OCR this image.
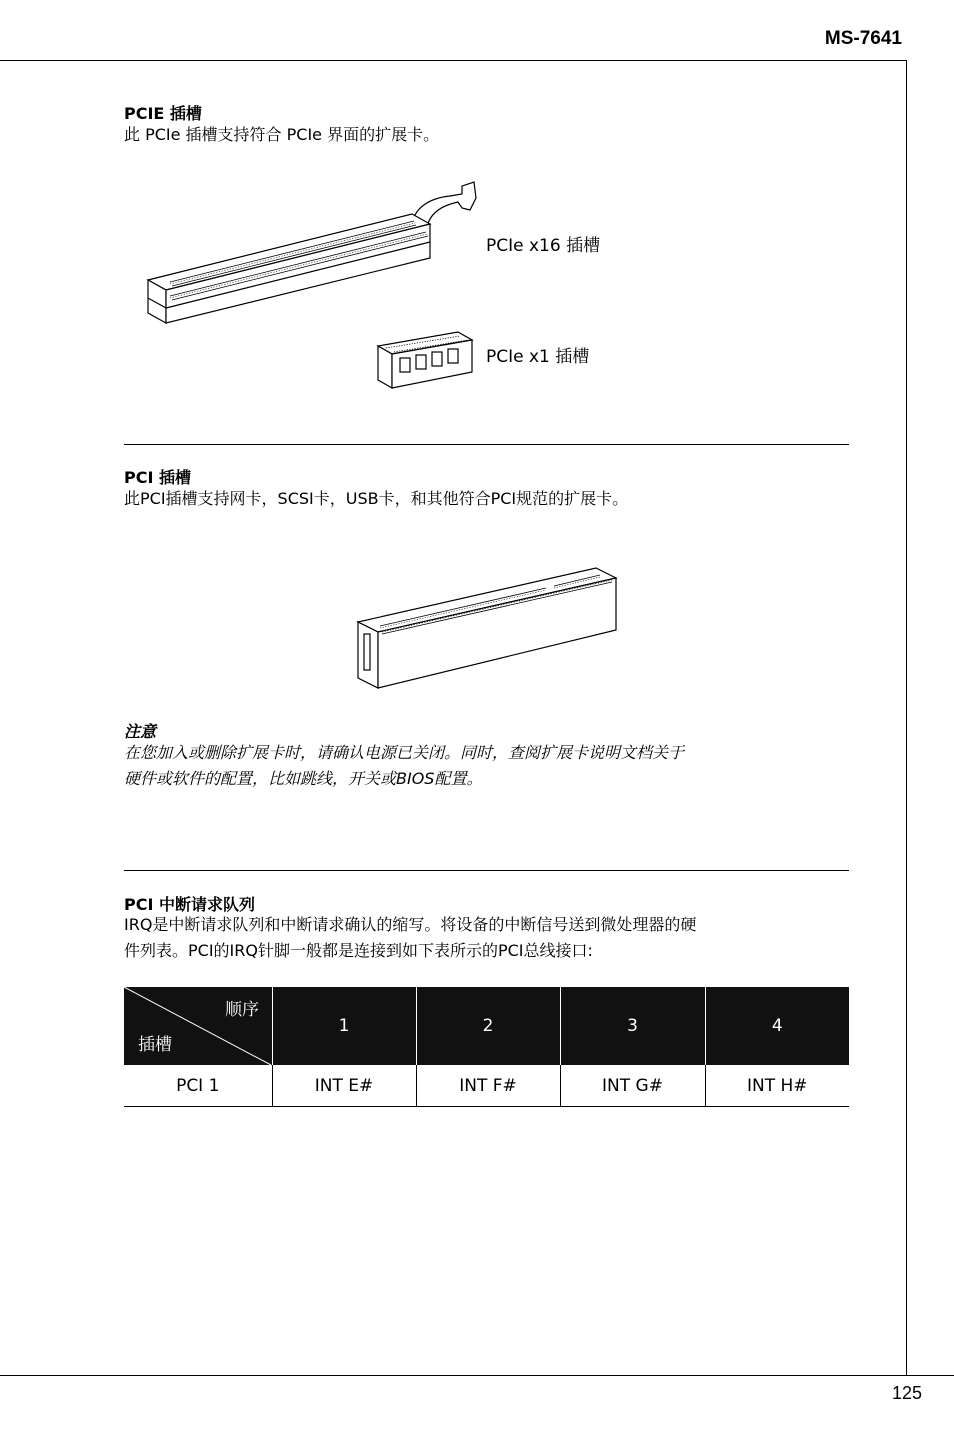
MS-7641
PCIE 插槽
此 PCIe 插槽支持符合 PCIe 界面的扩展卡。
PCIe x16 插槽
PCIe x1 插槽
PCI 插槽
此PCI插槽支持网卡，SCSI卡，USB卡，和其他符合PCI规范的扩展卡。
注意
在您加入或删除扩展卡时，请确认电源已关闭。同时，查阅扩展卡说明文档关于
硬件或软件的配置，比如跳线，开关或BIOS配置。
PCI 中断请求队列
IRQ是中断请求队列和中断请求确认的缩写。将设备的中断信号送到微处理器的硬
件列表。PCI的IRQ针脚一般都是连接到如下表所示的PCI总线接口:
顺序
插槽	1	2	3	4
PCI 1	INT E#	INT F#	INT G#	INT H#
125
